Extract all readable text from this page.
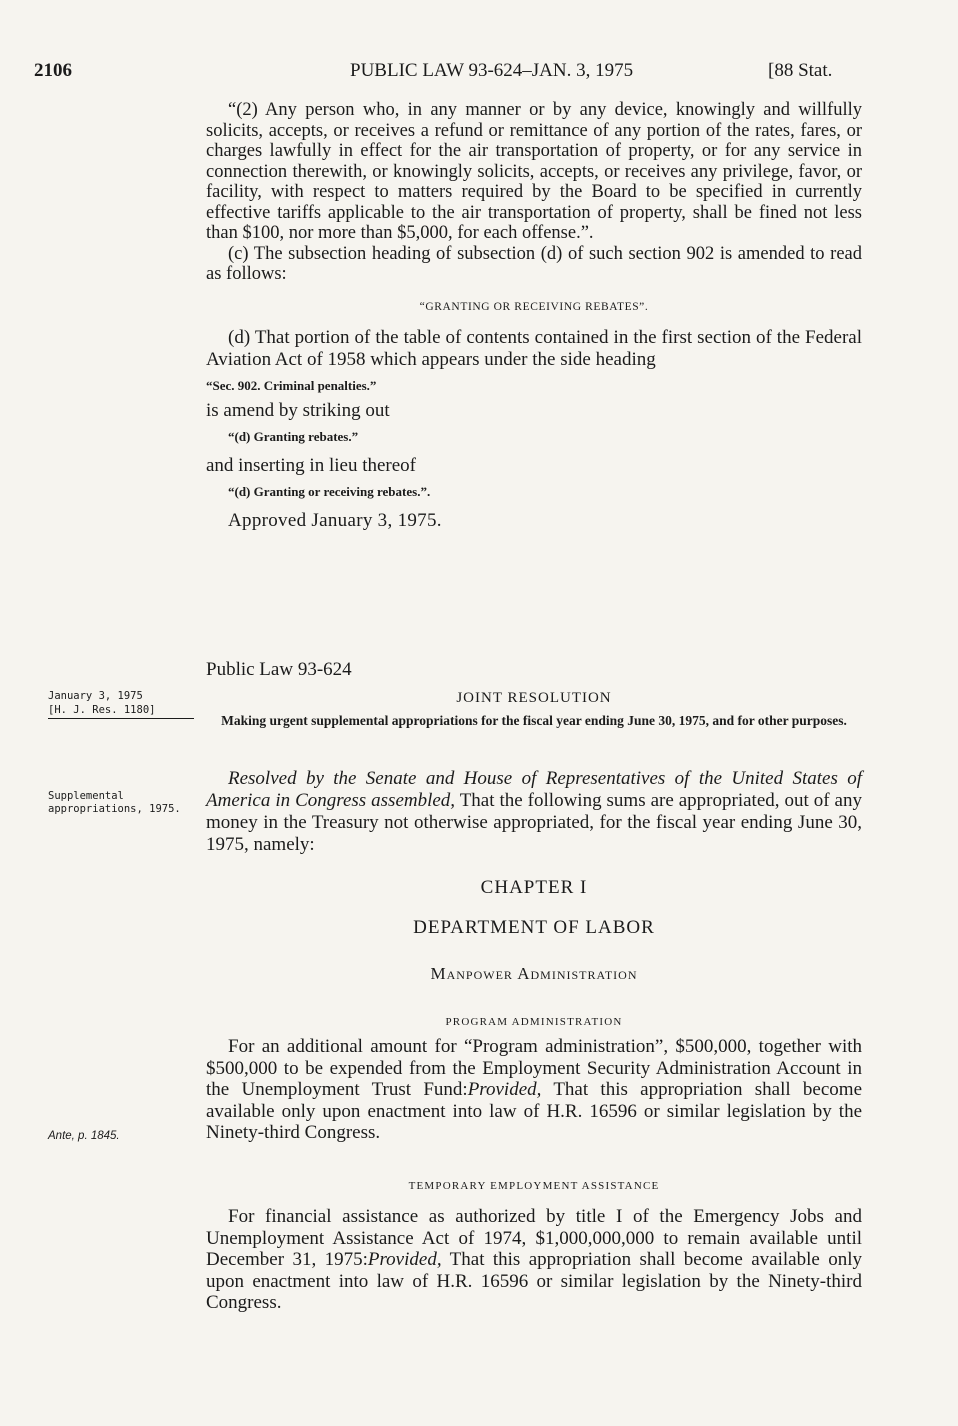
2106	PUBLIC LAW 93-624–JAN. 3, 1975	[88 Stat.

“(2) Any person who, in any manner or by any device, knowingly and willfully solicits, accepts, or receives a refund or remittance of any portion of the rates, fares, or charges lawfully in effect for the air transportation of property, or for any service in connection therewith, or knowingly solicits, accepts, or receives any privilege, favor, or facility, with respect to matters required by the Board to be specified in currently effective tariffs applicable to the air transportation of property, shall be fined not less than $100, nor more than $5,000, for each offense.”.

(c) The subsection heading of subsection (d) of such section 902 is amended to read as follows:

“GRANTING OR RECEIVING REBATES”.

(d) That portion of the table of contents contained in the first section of the Federal Aviation Act of 1958 which appears under the side heading

“Sec. 902. Criminal penalties.”
is amend by striking out
“(d) Granting rebates.”
and inserting in lieu thereof
“(d) Granting or receiving rebates.”.
Approved January 3, 1975.
Public Law 93-624
January 3, 1975
[H. J. Res. 1180]
JOINT RESOLUTION
Making urgent supplemental appropriations for the fiscal year ending June 30, 1975, and for other purposes.
Supplemental appropriations, 1975.

Resolved by the Senate and House of Representatives of the United States of America in Congress assembled, That the following sums are appropriated, out of any money in the Treasury not otherwise appropriated, for the fiscal year ending June 30, 1975, namely:

CHAPTER I
DEPARTMENT OF LABOR
Manpower Administration
PROGRAM ADMINISTRATION
Ante, p. 1845.

For an additional amount for “Program administration”, $500,000, together with $500,000 to be expended from the Employment Security Administration Account in the Unemployment Trust Fund:Provided, That this appropriation shall become available only upon enactment into law of H.R. 16596 or similar legislation by the Ninety-third Congress.

TEMPORARY EMPLOYMENT ASSISTANCE

For financial assistance as authorized by title I of the Emergency Jobs and Unemployment Assistance Act of 1974, $1,000,000,000 to remain available until December 31, 1975:Provided, That this appropriation shall become available only upon enactment into law of H.R. 16596 or similar legislation by the Ninety-third Congress.
